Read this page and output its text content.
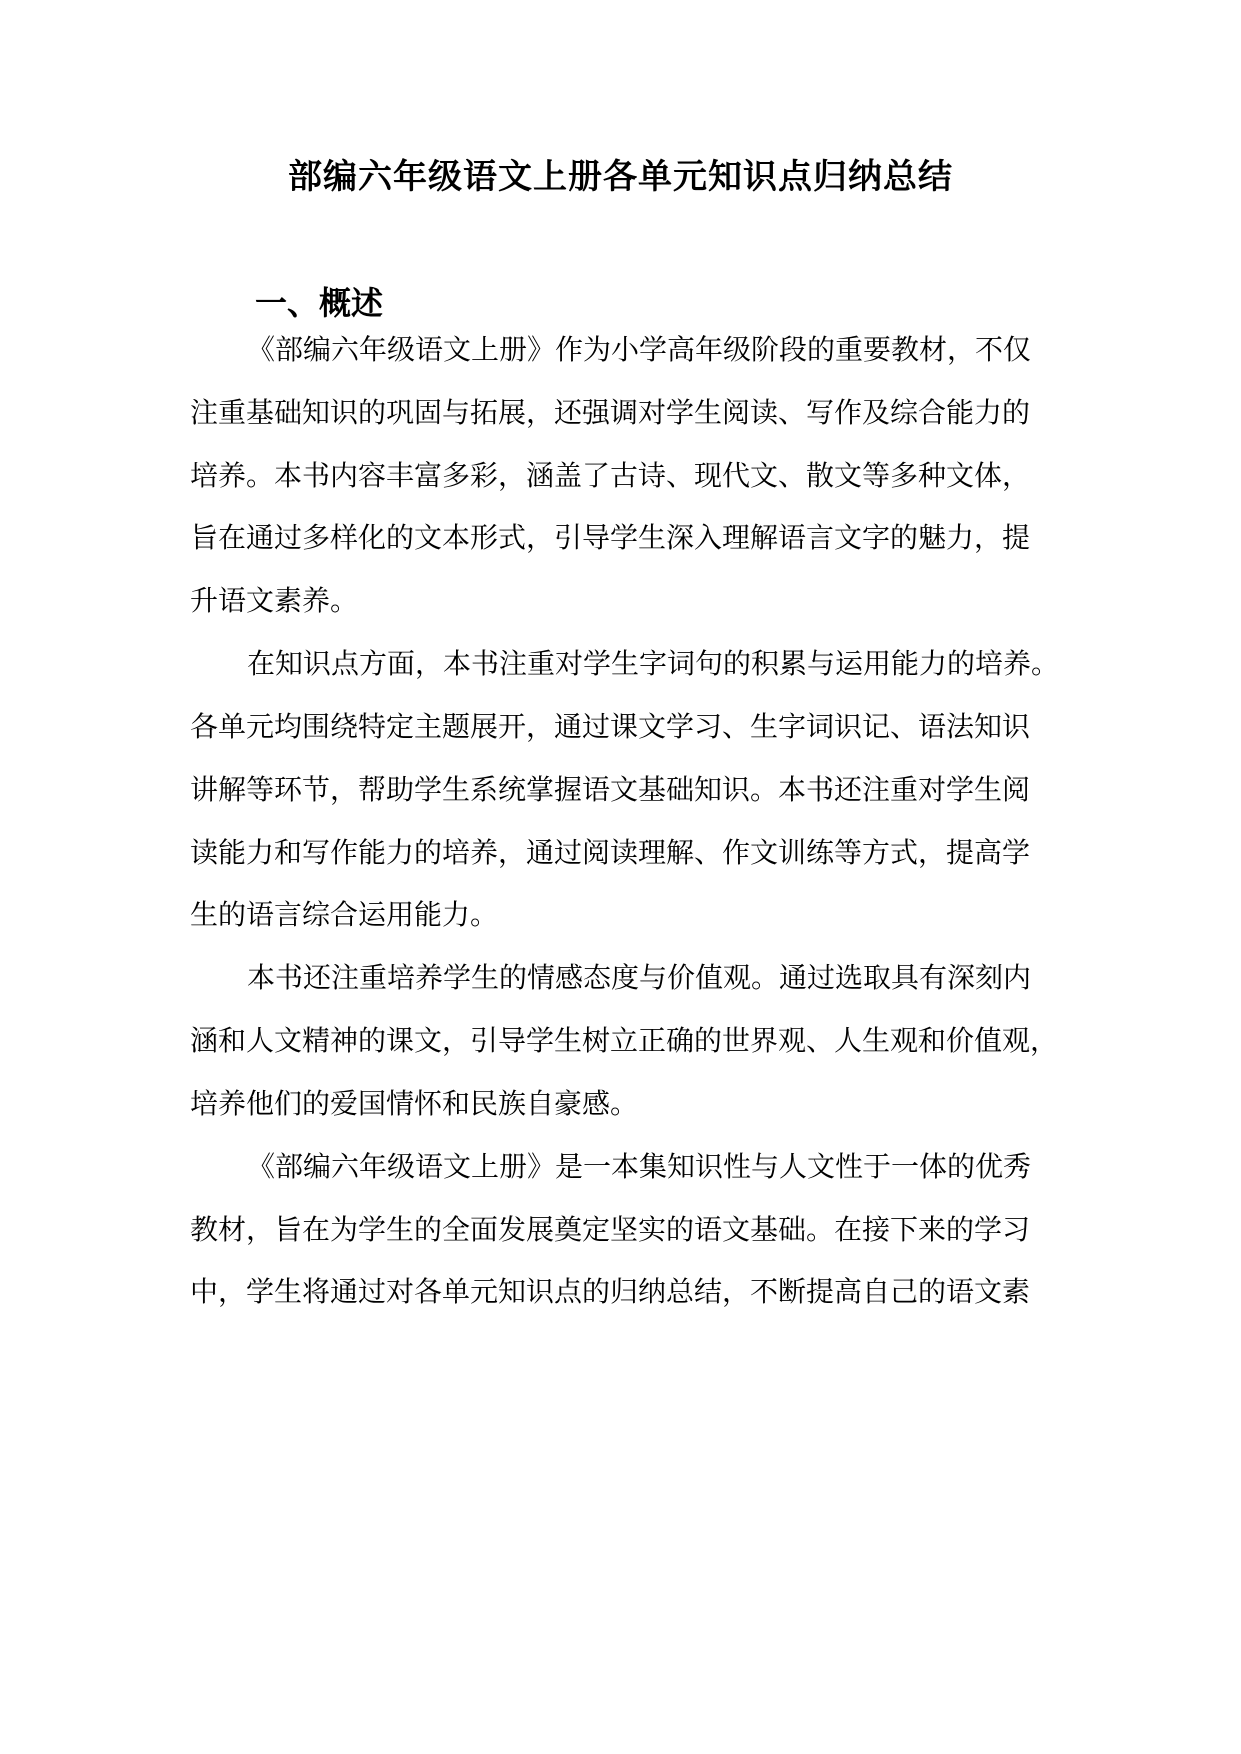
部编六年级语文上册各单元知识点归纳总结
一、概述

《部编六年级语文上册》作为小学高年级阶段的重要教材，不仅

注重基础知识的巩固与拓展，还强调对学生阅读、写作及综合能力的

培养。本书内容丰富多彩，涵盖了古诗、现代文、散文等多种文体，

旨在通过多样化的文本形式，引导学生深入理解语言文字的魅力，提

升语文素养。

在知识点方面，本书注重对学生字词句的积累与运用能力的培养。

各单元均围绕特定主题展开，通过课文学习、生字词识记、语法知识

讲解等环节，帮助学生系统掌握语文基础知识。本书还注重对学生阅

读能力和写作能力的培养，通过阅读理解、作文训练等方式，提高学

生的语言综合运用能力。

本书还注重培养学生的情感态度与价值观。通过选取具有深刻内

涵和人文精神的课文，引导学生树立正确的世界观、人生观和价值观，

培养他们的爱国情怀和民族自豪感。

《部编六年级语文上册》是一本集知识性与人文性于一体的优秀

教材，旨在为学生的全面发展奠定坚实的语文基础。在接下来的学习

中，学生将通过对各单元知识点的归纳总结，不断提高自己的语文素
